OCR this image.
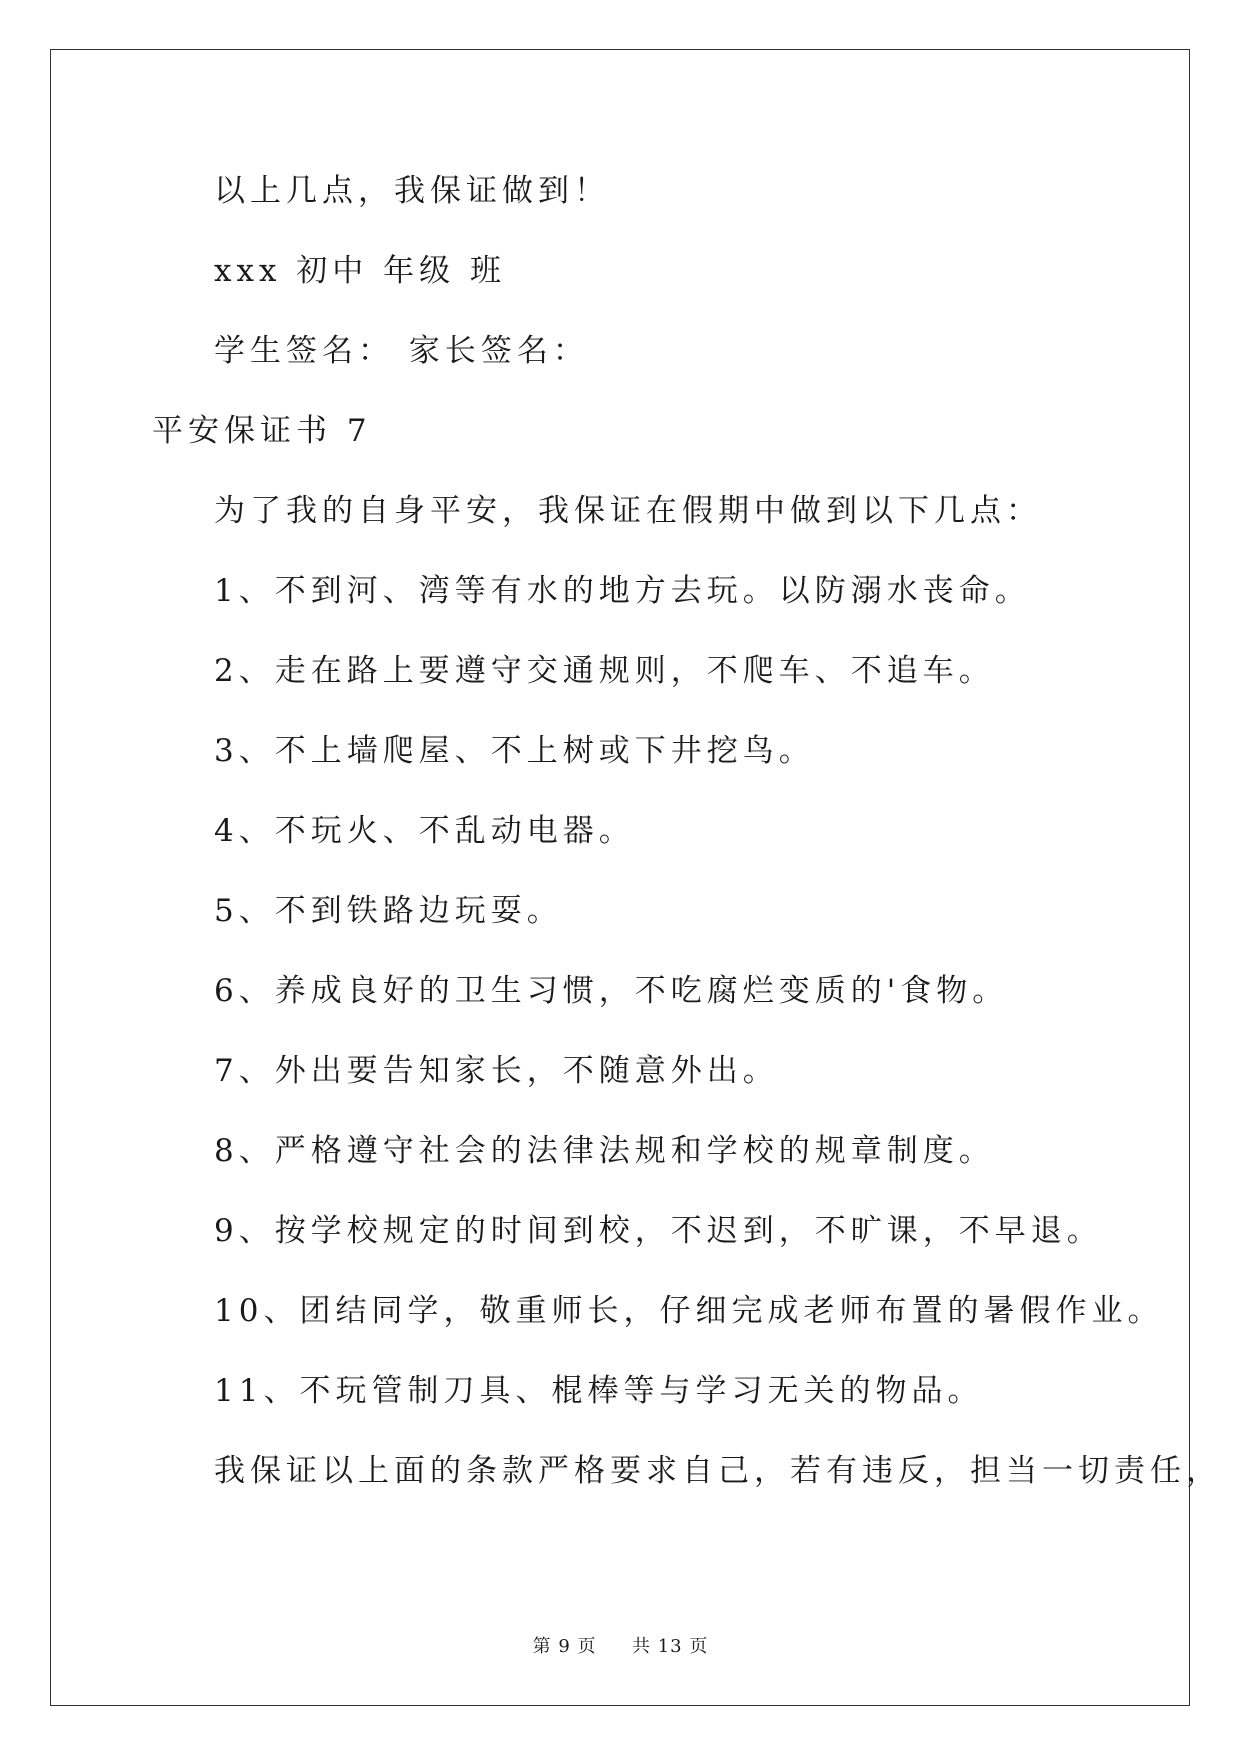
以上几点，我保证做到！
xxx 初中 年级 班
学生签名： 家长签名：
平安保证书 7
为了我的自身平安，我保证在假期中做到以下几点：
1、不到河、湾等有水的地方去玩。以防溺水丧命。
2、走在路上要遵守交通规则，不爬车、不追车。
3、不上墙爬屋、不上树或下井挖鸟。
4、不玩火、不乱动电器。
5、不到铁路边玩耍。
6、养成良好的卫生习惯，不吃腐烂变质的'食物。
7、外出要告知家长，不随意外出。
8、严格遵守社会的法律法规和学校的规章制度。
9、按学校规定的时间到校，不迟到，不旷课，不早退。
10、团结同学，敬重师长，仔细完成老师布置的暑假作业。
11、不玩管制刀具、棍棒等与学习无关的物品。
我保证以上面的条款严格要求自己，若有违反，担当一切责任，
第 9 页 共 13 页
